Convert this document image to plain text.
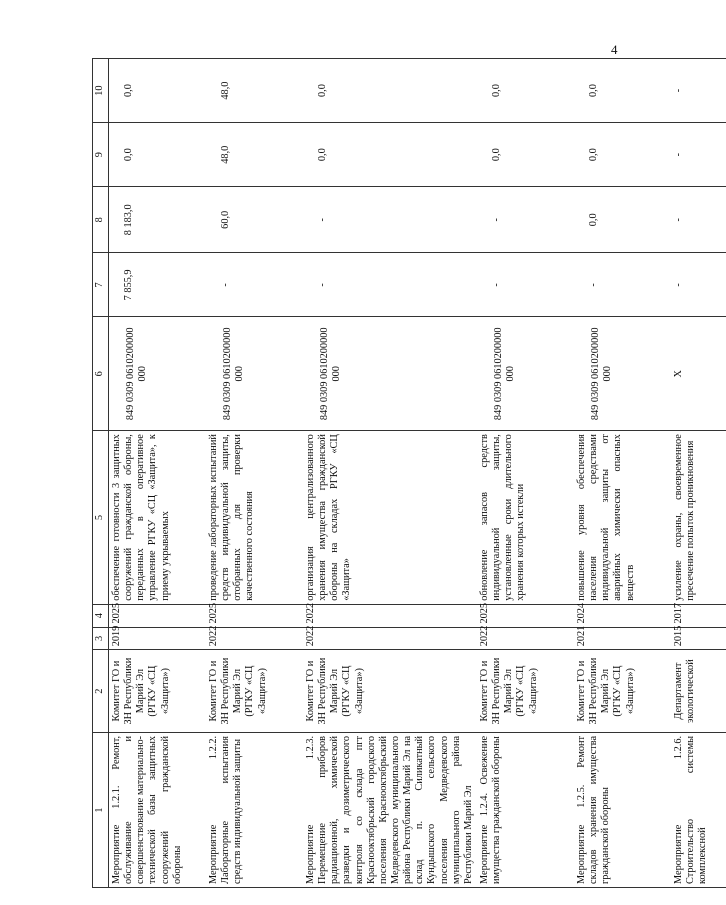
4
1	2	3	4	5	6	7	8	9	10
Мероприятие 1.2.1. Ремонт, обслуживание и совершенствование материально-технической базы защитных сооружений гражданской обороны	Комитет ГО и ЗН Республики Марий Эл (РГКУ «СЦ «Защита»)	2019	2025	обеспечение готовности 3 защитных сооружений гражданской обороны, переданных в оперативное управление РГКУ «СЦ «Защита», к приему укрываемых	849 0309 0610200000 000	7 855,9	8 183,0	0,0	0,0
Мероприятие 1.2.2. Лабораторные испытания средств индивидуальной защиты	Комитет ГО и ЗН Республики Марий Эл (РГКУ «СЦ «Защита»)	2022	2025	проведение лабораторных испытаний средств индивидуальной защиты, отобранных для проверки качественного состояния	849 0309 0610200000 000	-	60,0	48,0	48,0
Мероприятие 1.2.3. Перемещение приборов радиационной, химической разведки и дозиметрического контроля со склада пгт Краснооктябрьский городского поселения Краснооктябрьский Медведевского муниципального района Республики Марий Эл на склад п. Силикатный Кундышского сельского поселения Медведевского муниципального района Республики Марий Эл	Комитет ГО и ЗН Республики Марий Эл (РГКУ «СЦ «Защита»)	2022	2022	организация централизованного хранения имущества гражданской обороны на складах РГКУ «СЦ «Защита»	849 0309 0610200000 000	-	-	0,0	0,0
Мероприятие 1.2.4. Освежение имущества гражданской обороны	Комитет ГО и ЗН Республики Марий Эл (РГКУ «СЦ «Защита»)	2022	2025	обновление запасов средств индивидуальной защиты, установленные сроки длительного хранения которых истекли	849 0309 0610200000 000	-	-	0,0	0,0
Мероприятие 1.2.5. Ремонт складов хранения имущества гражданской обороны	Комитет ГО и ЗН Республики Марий Эл (РГКУ «СЦ «Защита»)	2021	2024	повышение уровня обеспечения населения средствами индивидуальной защиты от аварийных химически опасных веществ	849 0309 0610200000 000	-	0,0	0,0	0,0
Мероприятие 1.2.6. Строительство системы комплексной	Департамент экологической	2015	2017	усиление охраны, своевременное пресечение попыток проникновения	Х	-	-	-	-
